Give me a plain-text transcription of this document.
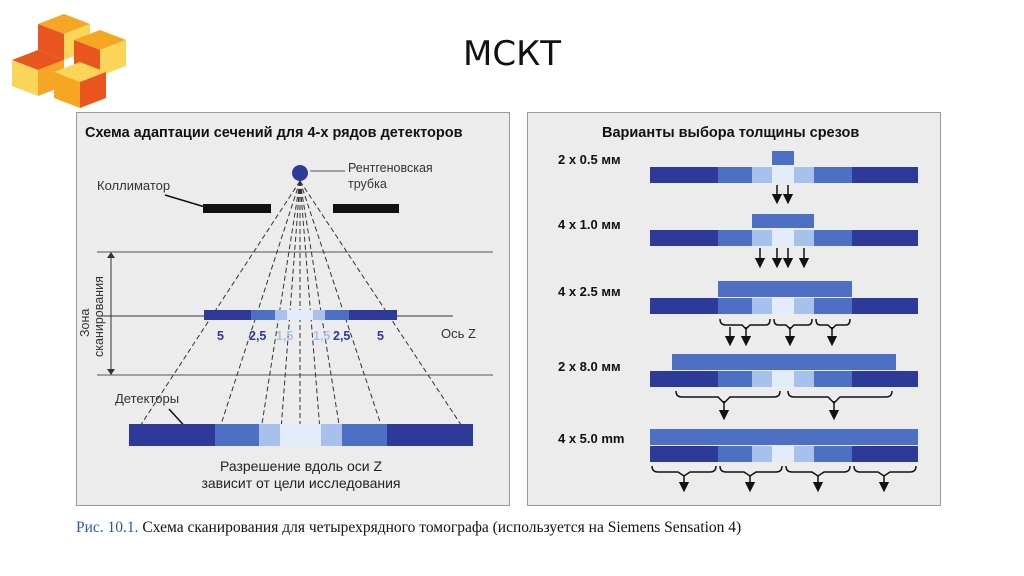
МСКТ
Схема адаптации сечений для 4-х рядов детекторов
Зона сканирования	Ось Z
Коллиматор
Рентгеновская
трубка
5 2,5 1,5 1,5 2,5 5
Детекторы
Разрешение вдоль оси Z
зависит от цели исследования
Варианты выбора толщины срезов
2 x 0.5 мм
4 x 1.0 мм
4 x 2.5 мм
2 x 8.0 мм
4 x 5.0 mm
Рис. 10.1. Схема сканирования для четырехрядного томографа (используется на Siemens Sensation 4)
